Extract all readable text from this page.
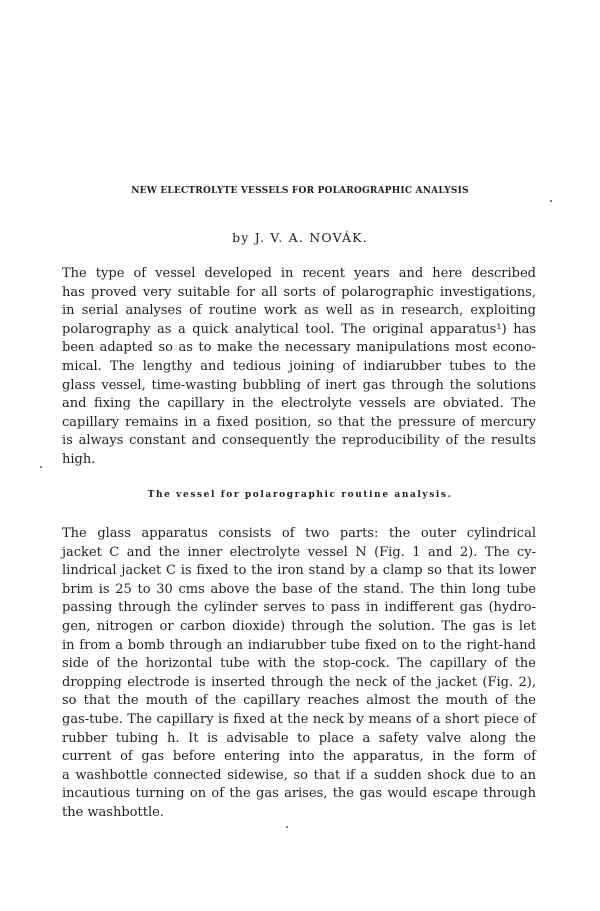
NEW ELECTROLYTE VESSELS FOR POLAROGRAPHIC ANALYSIS

by J. V. A. NOVÁK.

The type of vessel developed in recent years and here described
has proved very suitable for all sorts of polarographic investigations,
in serial analyses of routine work as well as in research, exploiting
polarography as a quick analytical tool. The original apparatus¹) has
been adapted so as to make the necessary manipulations most econo-
mical. The lengthy and tedious joining of indiarubber tubes to the
glass vessel, time-wasting bubbling of inert gas through the solutions
and fixing the capillary in the electrolyte vessels are obviated. The
capillary remains in a fixed position, so that the pressure of mercury
is always constant and consequently the reproducibility of the results
high.
The vessel for polarographic routine analysis.
The glass apparatus consists of two parts: the outer cylindrical
jacket C and the inner electrolyte vessel N (Fig. 1 and 2). The cy-
lindrical jacket C is fixed to the iron stand by a clamp so that its lower
brim is 25 to 30 cms above the base of the stand. The thin long tube
passing through the cylinder serves to pass in indifferent gas (hydro-
gen, nitrogen or carbon dioxide) through the solution. The gas is let
in from a bomb through an indiarubber tube fixed on to the right-hand
side of the horizontal tube with the stop-cock. The capillary of the
dropping electrode is inserted through the neck of the jacket (Fig. 2),
so that the mouth of the capillary reaches almost the mouth of the
gas-tube. The capillary is fixed at the neck by means of a short piece of
rubber tubing h. It is advisable to place a safety valve along the
current of gas before entering into the apparatus, in the form of
a washbottle connected sidewise, so that if a sudden shock due to an
incautious turning on of the gas arises, the gas would escape through
the washbottle.
